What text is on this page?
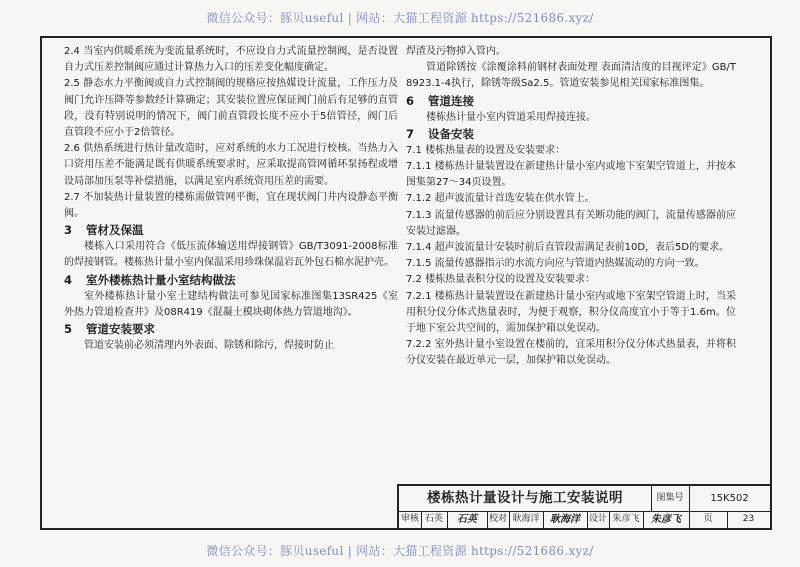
微信公众号：豚贝useful | 网站：大猫工程资源 https://521686.xyz/

2.4 当室内供暖系统为变流量系统时，不应设自力式流量控制阀，是否设置自力式压差控制阀应通过计算热力入口的压差变化幅度确定。

2.5 静态水力平衡阀或自力式控制阀的规格应按热媒设计流量，工作压力及阀门允许压降等参数经计算确定；其安装位置应保证阀门前后有足够的直管段，没有特别说明的情况下，阀门前直管段长度不应小于5倍管径，阀门后直管段不应小于2倍管径。

2.6 供热系统进行热计量改造时，应对系统的水力工况进行校核。当热力入口资用压差不能满足既有供暖系统要求时，应采取提高管网循环泵扬程或增设局部加压泵等补偿措施，以满足室内系统资用压差的需要。

2.7 不加装热计量装置的楼栋需做管网平衡，宜在现状阀门井内设静态平衡阀。

3 管材及保温

楼栋入口采用符合《低压流体输送用焊接钢管》GB/T3091-2008标准的焊接钢管。楼栋热计量小室内保温采用珍珠保温岩瓦外包石棉水泥护壳。

4 室外楼栋热计量小室结构做法

室外楼栋热计量小室土建结构做法可参见国家标准图集13SR425《室外热力管道检查井》及08R419《混凝土模块砌体热力管道地沟》。

5 管道安装要求

管道安装前必须清理内外表面、除锈和除污，焊接时防止

焊渣及污物掉入管内。

管道除锈按《涂覆涂料前钢材表面处理 表面清洁度的目视评定》GB/T 8923.1-4执行，除锈等级Sa2.5。管道安装参见相关国家标准图集。

6 管道连接

楼栋热计量小室内管道采用焊接连接。

7 设备安装

7.1 楼栋热量表的设置及安装要求：

7.1.1 楼栋热计量装置设在新建热计量小室内或地下室架空管道上，并按本图集第27～34页设置。

7.1.2 超声波流量计首选安装在供水管上。

7.1.3 流量传感器的前后应分别设置具有关断功能的阀门，流量传感器前应安装过滤器。

7.1.4 超声波流量计安装时前后直管段需满足表前10D，表后5D的要求。

7.1.5 流量传感器指示的水流方向应与管道内热媒流动的方向一致。

7.2 楼栋热量表积分仪的设置及安装要求：

7.2.1 楼栋热计量装置设在新建热计量小室内或地下室架空管道上时，当采用积分仪分体式热量表时，为便于观察，积分仪高度宜小于等于1.6m。位于地下室公共空间的，需加保护箱以免误动。

7.2.2 室外热计量小室设置在楼前的，宜采用积分仪分体式热量表，并将积分仪安装在最近单元一层，加保护箱以免误动。

楼栋热计量设计与施工安装说明	图集号	15K502
审核 石英	石英	校对 耿海洋	耿海洋 设计 朱彦飞	朱彦飞	页	23
微信公众号：豚贝useful | 网站：大猫工程资源 https://521686.xyz/
